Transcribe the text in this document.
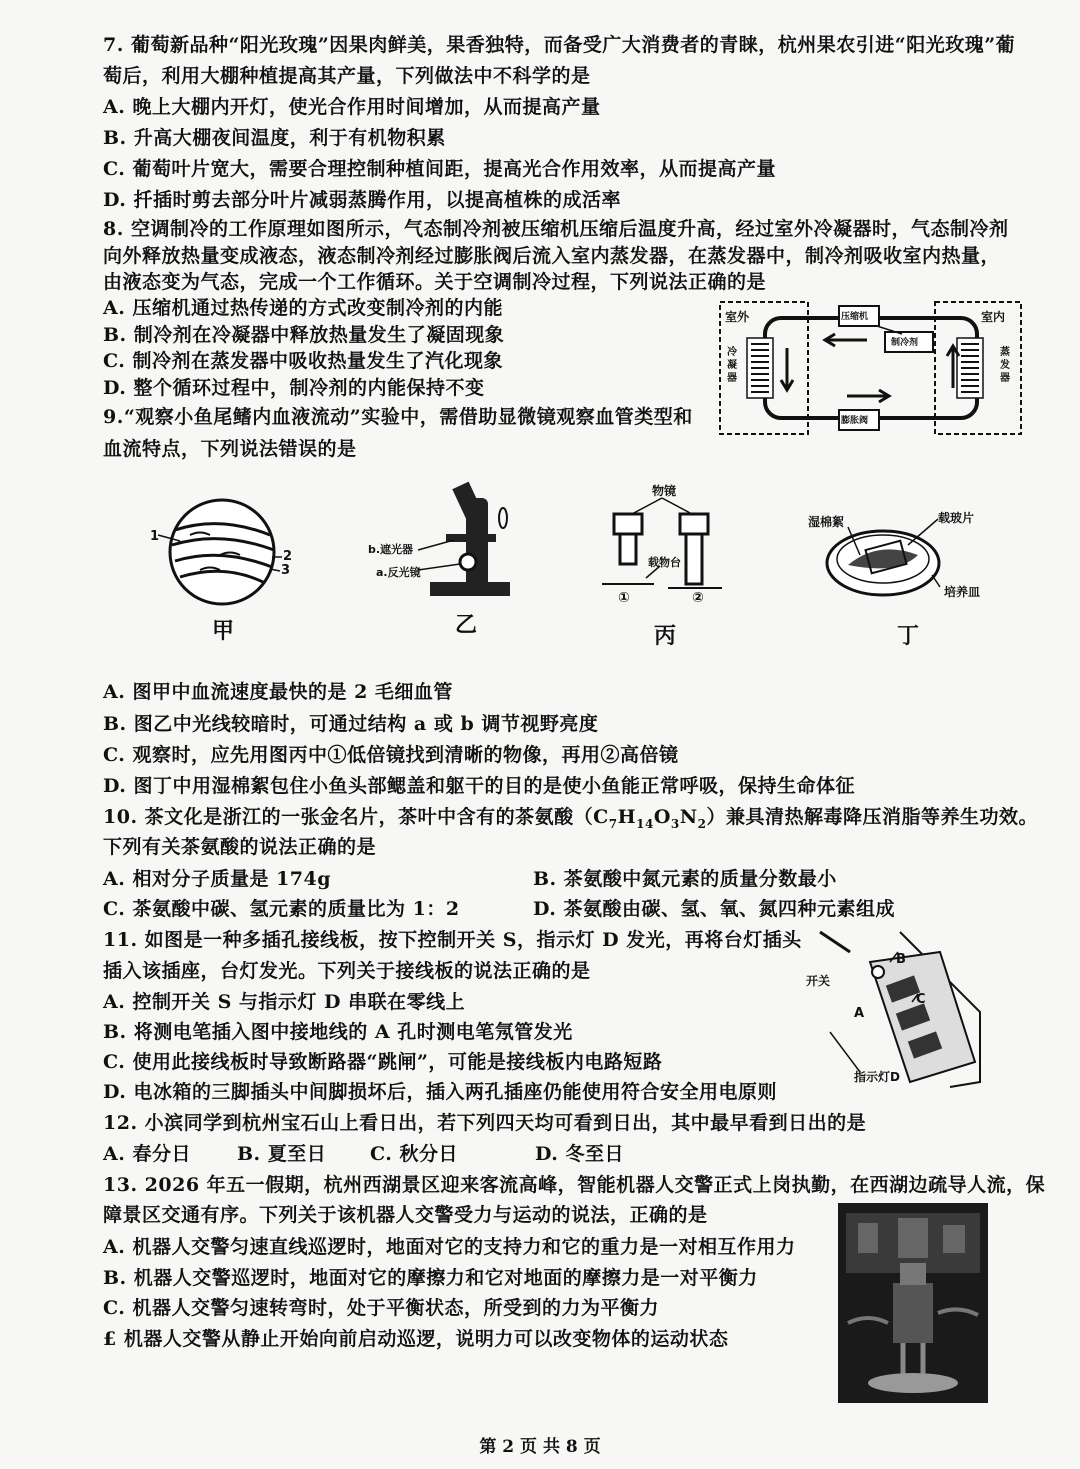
7. 葡萄新品种“阳光玫瑰”因果肉鲜美，果香独特，而备受广大消费者的青睐，杭州果农引进“阳光玫瑰”葡
萄后，利用大棚种植提高其产量，下列做法中不科学的是
A. 晚上大棚内开灯，使光合作用时间增加，从而提高产量
B. 升高大棚夜间温度，利于有机物积累
C. 葡萄叶片宽大，需要合理控制种植间距，提高光合作用效率，从而提高产量
D. 扦插时剪去部分叶片减弱蒸腾作用，以提高植株的成活率
8. 空调制冷的工作原理如图所示，气态制冷剂被压缩机压缩后温度升高，经过室外冷凝器时，气态制冷剂
向外释放热量变成液态，液态制冷剂经过膨胀阀后流入室内蒸发器，在蒸发器中，制冷剂吸收室内热量，
由液态变为气态，完成一个工作循环。关于空调制冷过程，下列说法正确的是
A. 压缩机通过热传递的方式改变制冷剂的内能
B. 制冷剂在冷凝器中释放热量发生了凝固现象
C. 制冷剂在蒸发器中吸收热量发生了汽化现象
D. 整个循环过程中，制冷剂的内能保持不变
室外	室内
冷凝器
蒸发器
压缩机
制冷剂
膨胀阀
9.“观察小鱼尾鳍内血液流动”实验中，需借助显微镜观察血管类型和
血流特点，下列说法错误的是
1
2
3
甲
b.遮光器
a.反光镜
乙
物镜
载物台
①	②
丙
湿棉絮	载玻片
培养皿
丁
A. 图甲中血流速度最快的是 2 毛细血管
B. 图乙中光线较暗时，可通过结构 a 或 b 调节视野亮度
C. 观察时，应先用图丙中①低倍镜找到清晰的物像，再用②高倍镜
D. 图丁中用湿棉絮包住小鱼头部鳃盖和躯干的目的是使小鱼能正常呼吸，保持生命体征
10. 茶文化是浙江的一张金名片，茶叶中含有的茶氨酸$(C_7H_{14}O_3N_2)$兼具清热解毒降压消脂等养生功效。
下列有关茶氨酸的说法正确的是
A. 相对分子质量是 174g	B. 茶氨酸中氮元素的质量分数最小
C. 茶氨酸中碳、氢元素的质量比为 1：2	D. 茶氨酸由碳、氢、氧、氮四种元素组成
11. 如图是一种多插孔接线板，按下控制开关 S，指示灯 D 发光，再将台灯插头
插入该插座，台灯发光。下列关于接线板的说法正确的是
A. 控制开关 S 与指示灯 D 串联在零线上
B. 将测电笔插入图中接地线的 A 孔时测电笔氖管发光
C. 使用此接线板时导致断路器“跳闸”，可能是接线板内电路短路
D. 电冰箱的三脚插头中间脚损坏后，插入两孔插座仍能使用符合安全用电原则
开关
指示灯D
A
B
C
12. 小滨同学到杭州宝石山上看日出，若下列四天均可看到日出，其中最早看到日出的是
A. 春分日 B. 夏至日 C. 秋分日	D. 冬至日
13. 2026 年五一假期，杭州西湖景区迎来客流高峰，智能机器人交警正式上岗执勤，在西湖边疏导人流，保
障景区交通有序。下列关于该机器人交警受力与运动的说法，正确的是
A. 机器人交警匀速直线巡逻时，地面对它的支持力和它的重力是一对相互作用力
B. 机器人交警巡逻时，地面对它的摩擦力和它对地面的摩擦力是一对平衡力
C. 机器人交警匀速转弯时，处于平衡状态，所受到的力为平衡力
£ 机器人交警从静止开始向前启动巡逻，说明力可以改变物体的运动状态
第 2 页 共 8 页
